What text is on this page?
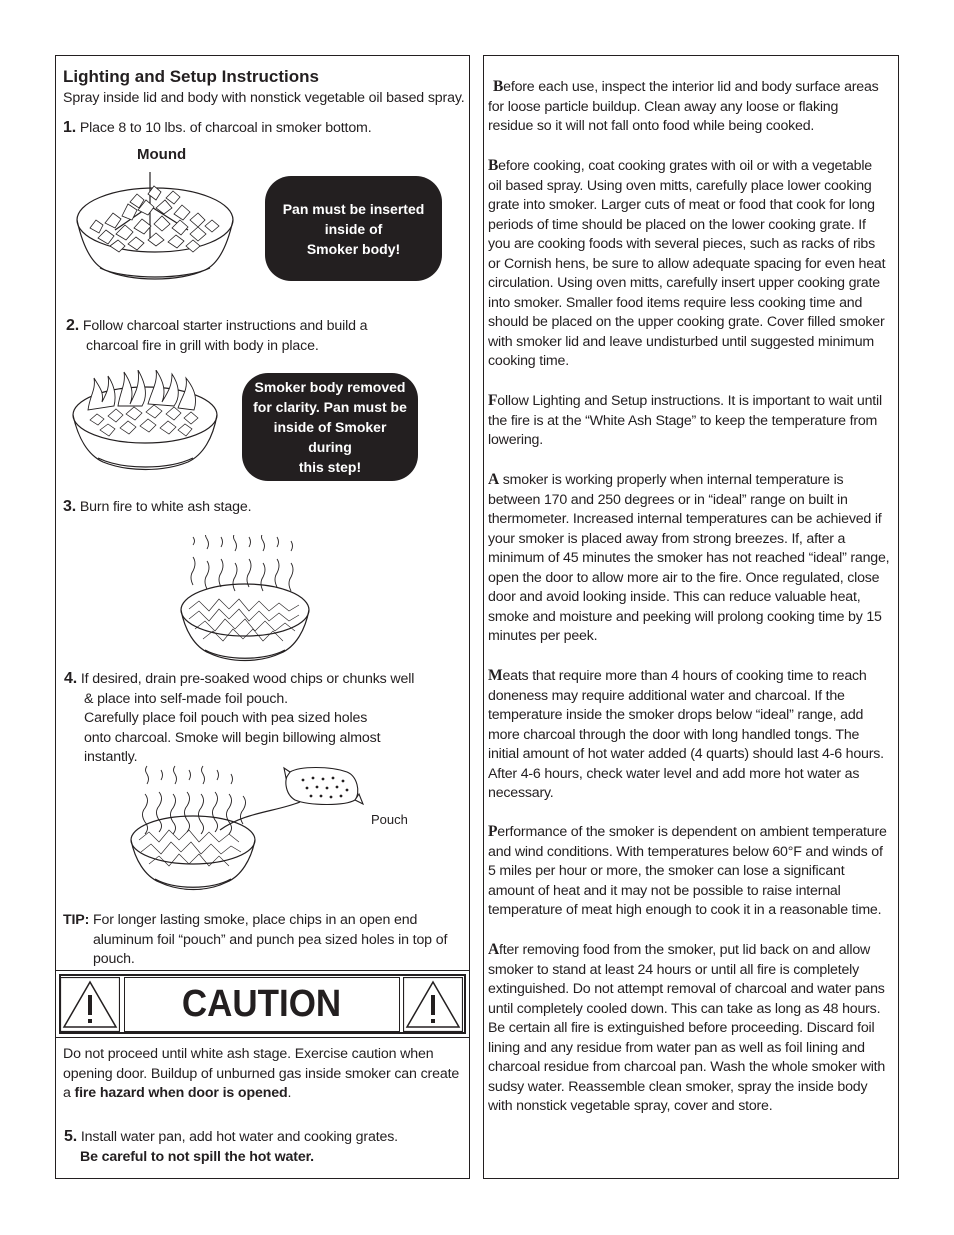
Lighting and Setup Instructions
Spray inside lid and body with nonstick vegetable oil based spray.
1. Place 8 to 10 lbs. of charcoal in smoker bottom.
Mound
Pan must be inserted
inside of
Smoker body!
2. Follow charcoal starter instructions and build a
charcoal fire in grill with body in place.
Smoker body removed
for clarity. Pan must be
inside of Smoker during
this step!
3. Burn fire to white ash stage.
4. If desired, drain pre-soaked wood chips or chunks well
& place into self-made foil pouch.
Carefully place foil pouch with pea sized holes
onto charcoal. Smoke will begin billowing almost
instantly.
Pouch
TIP: For longer lasting smoke, place chips in an open end
aluminum foil “pouch” and punch pea sized holes in top of
pouch.
CAUTION
Do not proceed until white ash stage. Exercise caution when
opening door. Buildup of unburned gas inside smoker can create
a fire hazard when door is opened.
5. Install water pan, add hot water and cooking grates.
Be careful to not spill the hot water.
Before each use, inspect the interior lid and body surface areas
for loose particle buildup. Clean away any loose or flaking
residue so it will not fall onto food while being cooked.
Before cooking, coat cooking grates with oil or with a vegetable
oil based spray. Using oven mitts, carefully place lower cooking
grate into smoker. Larger cuts of meat or food that cook for long
periods of time should be placed on the lower cooking grate. If
you are cooking foods with several pieces, such as racks of ribs
or Cornish hens, be sure to allow adequate spacing for even heat
circulation. Using oven mitts, carefully insert upper cooking grate
into smoker. Smaller food items require less cooking time and
should be placed on the upper cooking grate. Cover filled smoker
with smoker lid and leave undisturbed until suggested minimum
cooking time.
Follow Lighting and Setup instructions. It is important to wait until
the fire is at the “White Ash Stage” to keep the temperature from
lowering.
A smoker is working properly when internal temperature is
between 170 and 250 degrees or in “ideal” range on built in
thermometer. Increased internal temperatures can be achieved if
your smoker is placed away from strong breezes. If, after a
minimum of 45 minutes the smoker has not reached “ideal” range,
open the door to allow more air to the fire. Once regulated, close
door and avoid looking inside. This can reduce valuable heat,
smoke and moisture and peeking will prolong cooking time by 15
minutes per peek.
Meats that require more than 4 hours of cooking time to reach
doneness may require additional water and charcoal. If the
temperature inside the smoker drops below “ideal” range, add
more charcoal through the door with long handled tongs. The
initial amount of hot water added (4 quarts) should last 4-6 hours.
After 4-6 hours, check water level and add more hot water as
necessary.
Performance of the smoker is dependent on ambient temperature
and wind conditions. With temperatures below 60°F and winds of
5 miles per hour or more, the smoker can lose a significant
amount of heat and it may not be possible to raise internal
temperature of meat high enough to cook it in a reasonable time.
After removing food from the smoker, put lid back on and allow
smoker to stand at least 24 hours or until all fire is completely
extinguished. Do not attempt removal of charcoal and water pans
until completely cooled down. This can take as long as 48 hours.
Be certain all fire is extinguished before proceeding. Discard foil
lining and any residue from water pan as well as foil lining and
charcoal residue from charcoal pan. Wash the whole smoker with
sudsy water. Reassemble clean smoker, spray the inside body
with nonstick vegetable spray, cover and store.
